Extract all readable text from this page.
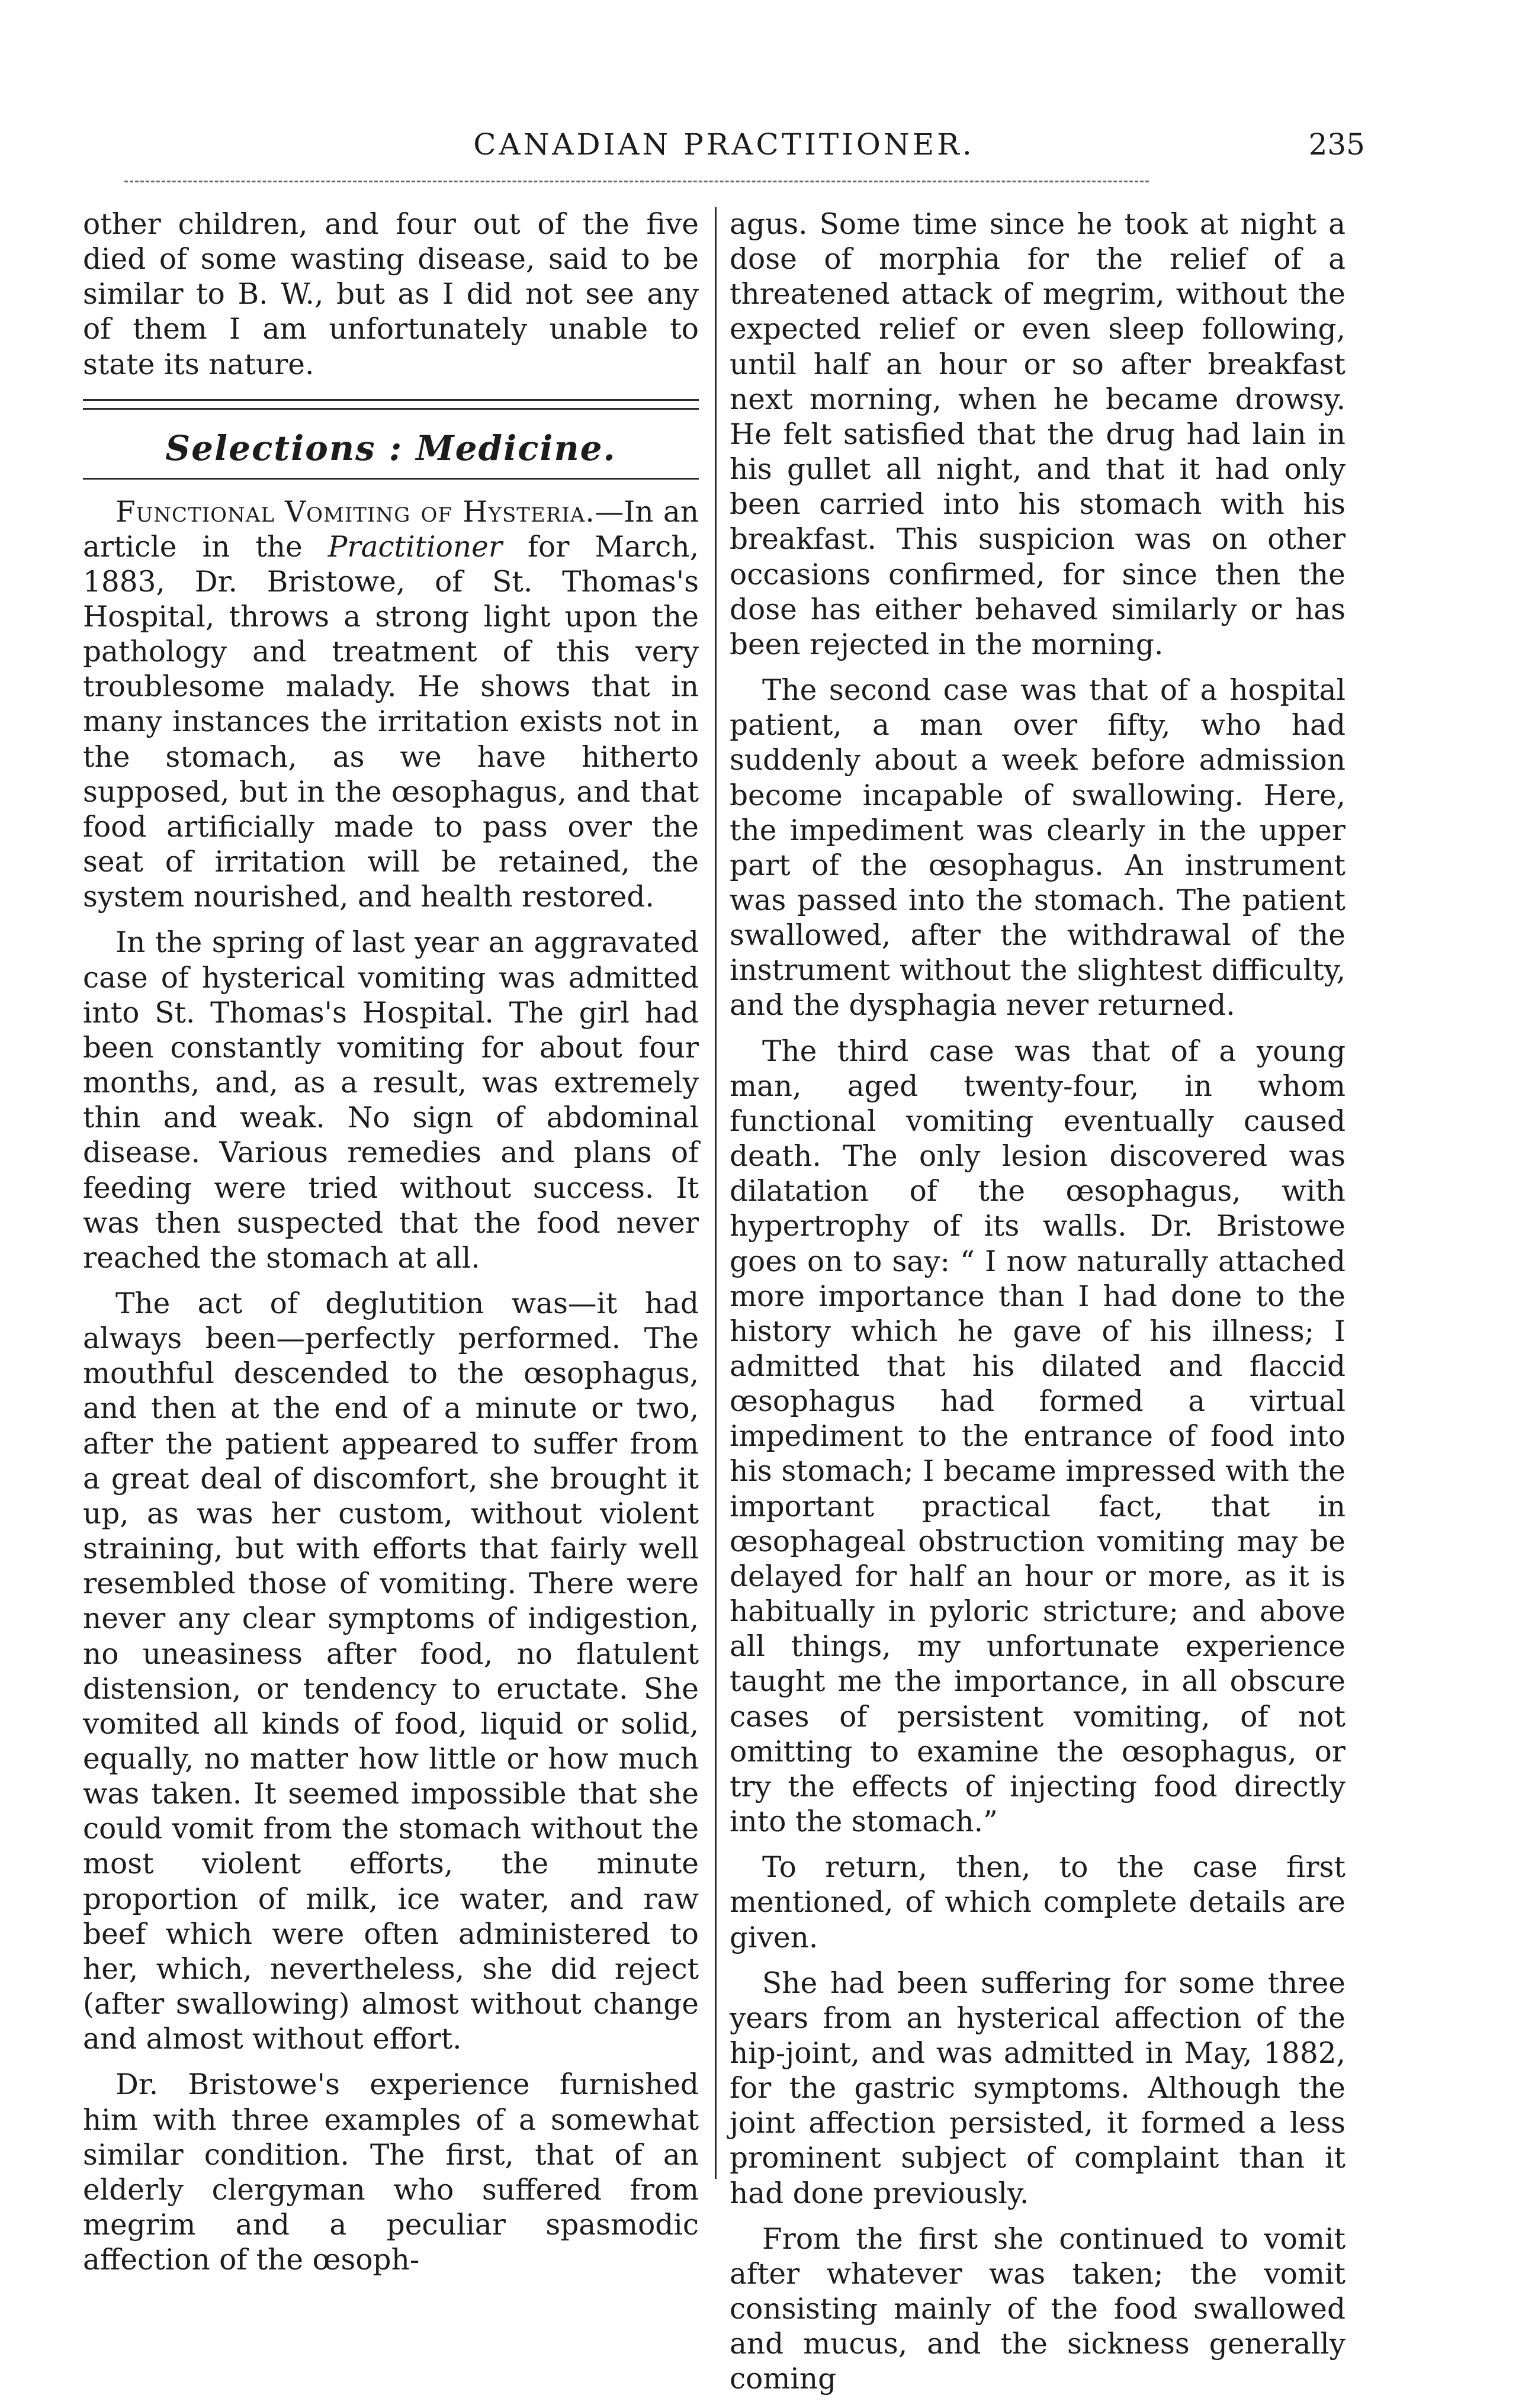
CANADIAN PRACTITIONER.	235

other children, and four out of the five died of some wasting disease, said to be similar to B. W., but as I did not see any of them I am unfortunately unable to state its nature.

Selections : Medicine.

Functional Vomiting of Hysteria.—In an article in the Practitioner for March, 1883, Dr. Bristowe, of St. Thomas's Hospital, throws a strong light upon the pathology and treatment of this very troublesome malady. He shows that in many instances the irritation exists not in the stomach, as we have hitherto supposed, but in the œsophagus, and that food artificially made to pass over the seat of irritation will be retained, the system nourished, and health restored.

In the spring of last year an aggravated case of hysterical vomiting was admitted into St. Thomas's Hospital. The girl had been constantly vomiting for about four months, and, as a result, was extremely thin and weak. No sign of abdominal disease. Various remedies and plans of feeding were tried without success. It was then suspected that the food never reached the stomach at all.

The act of deglutition was—it had always been—perfectly performed. The mouthful descended to the œsophagus, and then at the end of a minute or two, after the patient appeared to suffer from a great deal of discomfort, she brought it up, as was her custom, without violent straining, but with efforts that fairly well resembled those of vomiting. There were never any clear symptoms of indigestion, no uneasiness after food, no flatulent distension, or tendency to eructate. She vomited all kinds of food, liquid or solid, equally, no matter how little or how much was taken. It seemed impossible that she could vomit from the stomach without the most violent efforts, the minute proportion of milk, ice water, and raw beef which were often administered to her, which, nevertheless, she did reject (after swallowing) almost without change and almost without effort.

Dr. Bristowe's experience furnished him with three examples of a somewhat similar condition. The first, that of an elderly clergyman who suffered from megrim and a peculiar spasmodic affection of the œsoph-

agus. Some time since he took at night a dose of morphia for the relief of a threatened attack of megrim, without the expected relief or even sleep following, until half an hour or so after breakfast next morning, when he became drowsy. He felt satisfied that the drug had lain in his gullet all night, and that it had only been carried into his stomach with his breakfast. This suspicion was on other occasions confirmed, for since then the dose has either behaved similarly or has been rejected in the morning.

The second case was that of a hospital patient, a man over fifty, who had suddenly about a week before admission become incapable of swallowing. Here, the impediment was clearly in the upper part of the œsophagus. An instrument was passed into the stomach. The patient swallowed, after the withdrawal of the instrument without the slightest difficulty, and the dysphagia never returned.

The third case was that of a young man, aged twenty-four, in whom functional vomiting eventually caused death. The only lesion discovered was dilatation of the œsophagus, with hypertrophy of its walls. Dr. Bristowe goes on to say: “ I now naturally attached more importance than I had done to the history which he gave of his illness; I admitted that his dilated and flaccid œsophagus had formed a virtual impediment to the entrance of food into his stomach; I became impressed with the important practical fact, that in œsophageal obstruction vomiting may be delayed for half an hour or more, as it is habitually in pyloric stricture; and above all things, my unfortunate experience taught me the importance, in all obscure cases of persistent vomiting, of not omitting to examine the œsophagus, or try the effects of injecting food directly into the stomach.”

To return, then, to the case first mentioned, of which complete details are given.

She had been suffering for some three years from an hysterical affection of the hip-joint, and was admitted in May, 1882, for the gastric symptoms. Although the joint affection persisted, it formed a less prominent subject of complaint than it had done previously.

From the first she continued to vomit after whatever was taken; the vomit consisting mainly of the food swallowed and mucus, and the sickness generally coming
